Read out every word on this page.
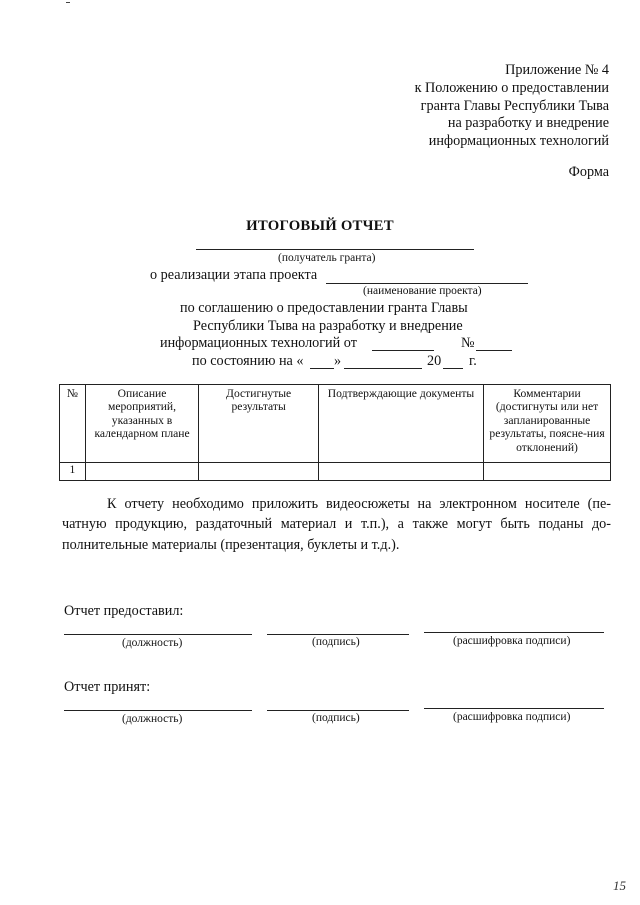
Приложение № 4
к Положению о предоставлении
гранта Главы Республики Тыва
на разработку и внедрение
информационных технологий
Форма
ИТОГОВЫЙ ОТЧЕТ
(получатель гранта)
о реализации этапа проекта
(наименование проекта)
по соглашению о предоставлении гранта Главы
Республики Тыва на разработку и внедрение
информационных технологий от	№
по состоянию на « »	20 г.
№	Описание мероприятий, указанных в календарном плане	Достигнутые результаты	Подтверждающие документы	Комментарии (достигнуты или нет запланированные результаты, поясне-ния отклонений)
1				
К отчету необходимо приложить видеосюжеты на электронном носителе (пе-чатную продукцию, раздаточный материал и т.п.), а также могут быть поданы до-полнительные материалы (презентация, буклеты и т.д.).
Отчет предоставил:
(должность)	(подпись)	(расшифровка подписи)
Отчет принят:
(должность)	(подпись)	(расшифровка подписи)
15
